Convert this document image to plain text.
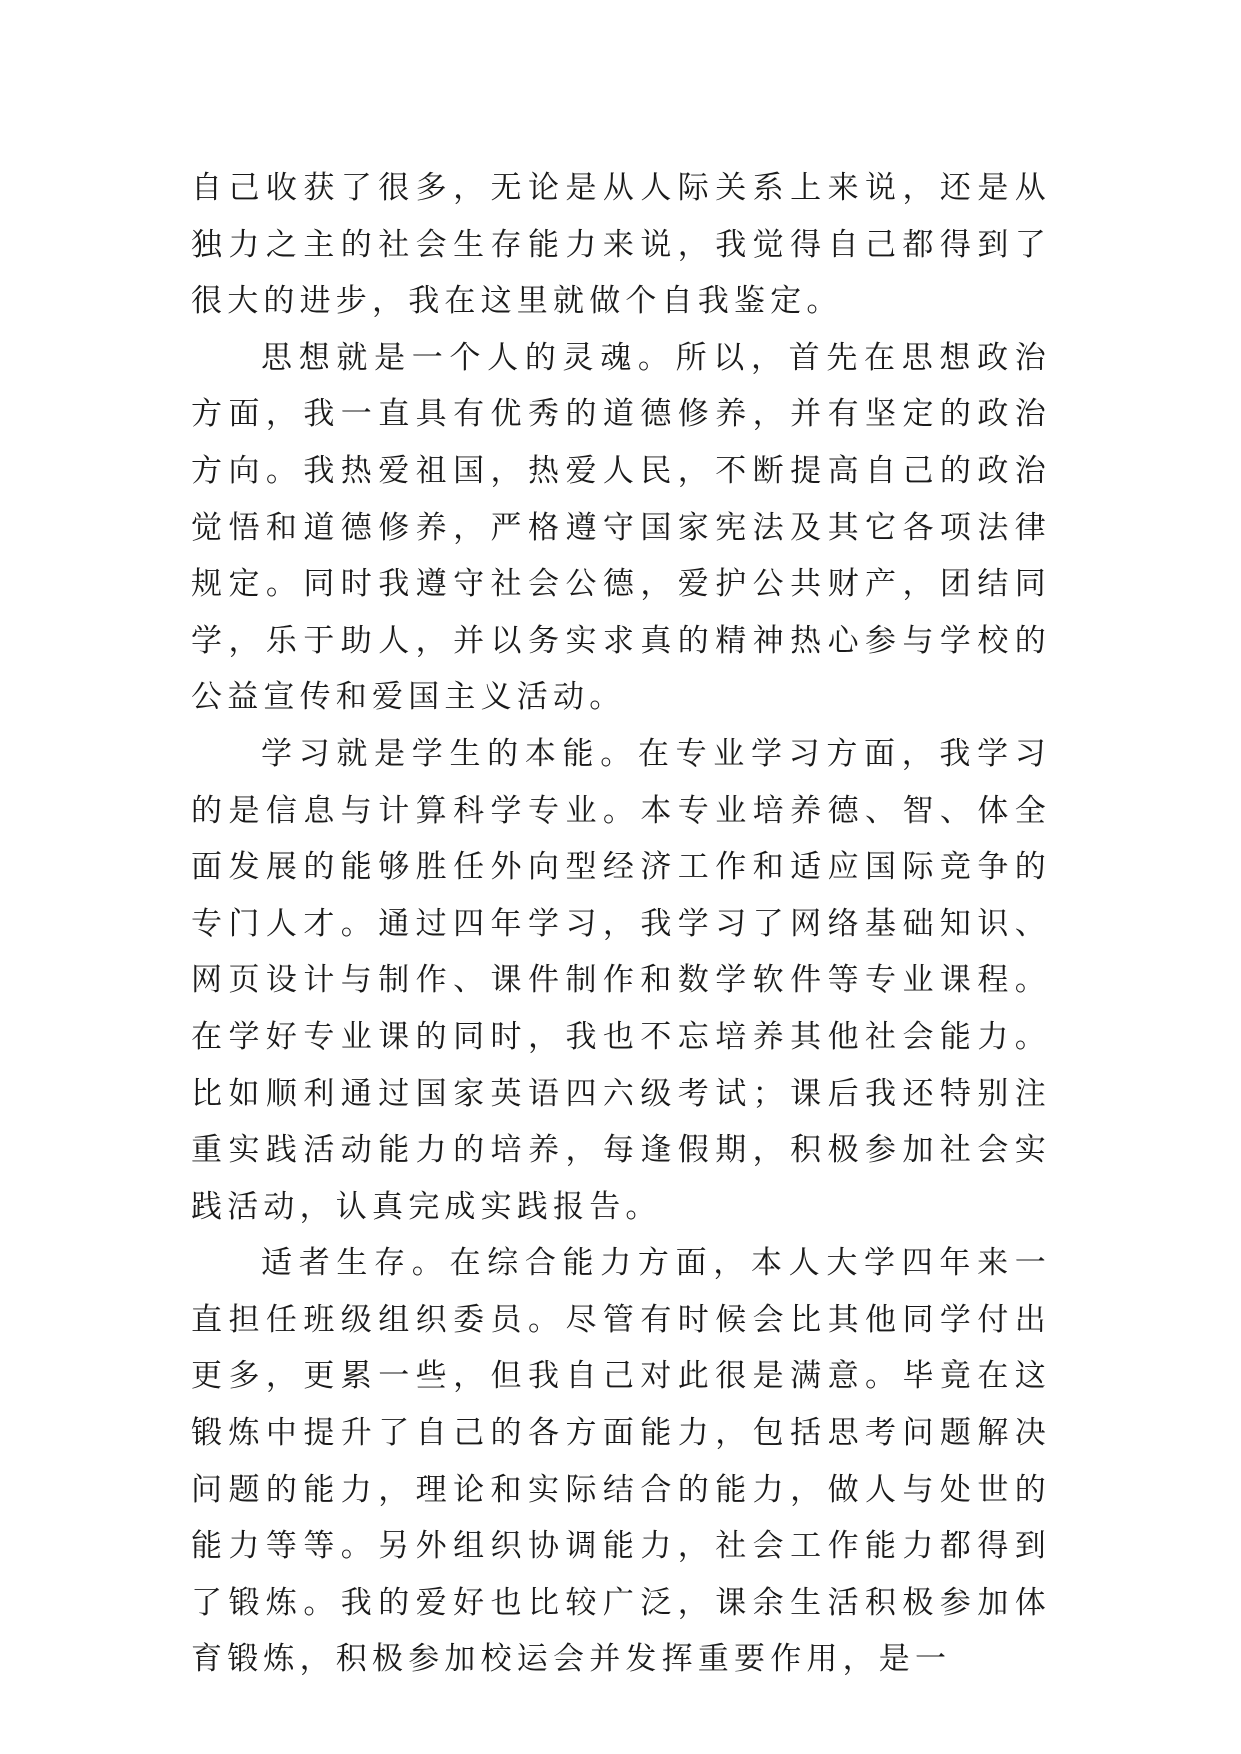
自己收获了很多，无论是从人际关系上来说，还是从独力之主的社会生存能力来说，我觉得自己都得到了很大的进步，我在这里就做个自我鉴定。

思想就是一个人的灵魂。所以，首先在思想政治方面，我一直具有优秀的道德修养，并有坚定的政治方向。我热爱祖国，热爱人民，不断提高自己的政治觉悟和道德修养，严格遵守国家宪法及其它各项法律规定。同时我遵守社会公德，爱护公共财产，团结同学，乐于助人，并以务实求真的精神热心参与学校的公益宣传和爱国主义活动。

学习就是学生的本能。在专业学习方面，我学习的是信息与计算科学专业。本专业培养德、智、体全面发展的能够胜任外向型经济工作和适应国际竞争的专门人才。通过四年学习，我学习了网络基础知识、网页设计与制作、课件制作和数学软件等专业课程。在学好专业课的同时，我也不忘培养其他社会能力。比如顺利通过国家英语四六级考试；课后我还特别注重实践活动能力的培养，每逢假期，积极参加社会实践活动，认真完成实践报告。

适者生存。在综合能力方面，本人大学四年来一直担任班级组织委员。尽管有时候会比其他同学付出更多，更累一些，但我自己对此很是满意。毕竟在这锻炼中提升了自己的各方面能力，包括思考问题解决问题的能力，理论和实际结合的能力，做人与处世的能力等等。另外组织协调能力，社会工作能力都得到了锻炼。我的爱好也比较广泛，课余生活积极参加体育锻炼，积极参加校运会并发挥重要作用，是一
